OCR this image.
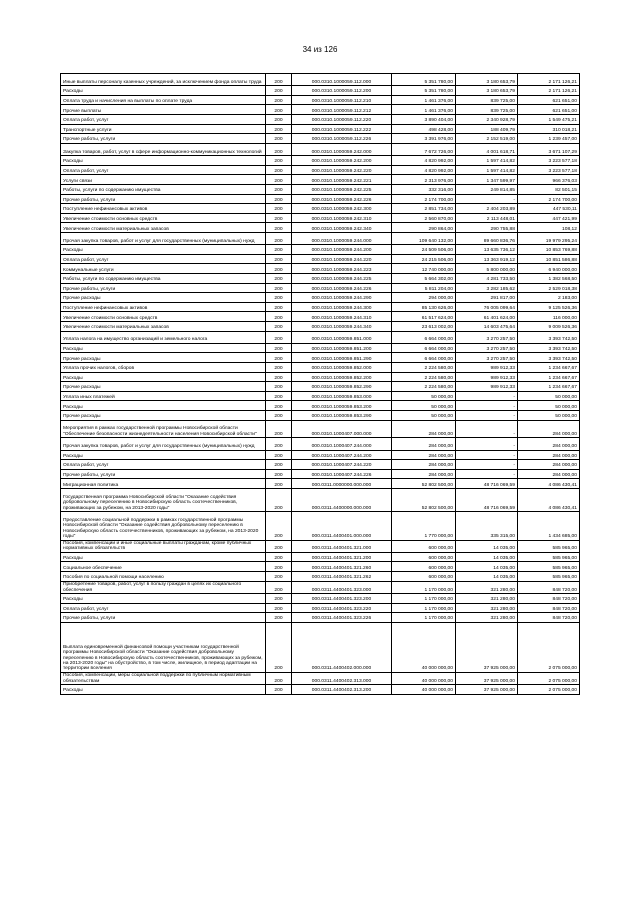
34 из 126
Иные выплаты персоналу казенных учреждений, за исключением фонда оплаты труда	200	000.0310.1000059.112.000	5 351 780,00	3 180 653,79	2 171 126,21
Расходы	200	000.0310.1000059.112.200	5 351 780,00	3 180 653,79	2 171 126,21
Оплата труда и начисления на выплаты по оплате труда	200	000.0310.1000059.112.210	1 461 376,00	839 725,00	621 651,00
Прочие выплаты	200	000.0310.1000059.112.212	1 461 376,00	839 725,00	621 651,00
Оплата работ, услуг	200	000.0310.1000059.112.220	3 890 404,00	2 340 928,79	1 549 475,21
Транспортные услуги	200	000.0310.1000059.112.222	498 428,00	188 409,79	310 018,21
Прочие работы, услуги	200	000.0310.1000059.112.226	3 391 976,00	2 152 519,00	1 239 457,00
Закупка товаров, работ, услуг в сфере информационно-коммуникационных технологий	200	000.0310.1000059.242.000	7 672 726,00	4 001 618,71	3 671 107,29
Расходы	200	000.0310.1000059.242.200	4 820 992,00	1 597 414,82	3 223 577,18
Оплата работ, услуг	200	000.0310.1000059.242.220	4 820 992,00	1 597 414,82	3 223 577,18
Услуги связи	200	000.0310.1000059.242.221	2 313 976,00	1 347 599,97	966 376,03
Работы, услуги по содержанию имущества	200	000.0310.1000059.242.225	332 316,00	249 814,85	82 501,15
Прочие работы, услуги	200	000.0310.1000059.242.226	2 174 700,00	-	2 174 700,00
Поступление нефинансовых активов	200	000.0310.1000059.242.300	2 851 734,00	2 404 203,89	447 530,11
Увеличение стоимости основных средств	200	000.0310.1000059.242.310	2 560 870,00	2 113 448,01	447 421,99
Увеличение стоимости материальных запасов	200	000.0310.1000059.242.340	290 864,00	290 755,88	108,12
Прочая закупка товаров, работ и услуг для государственных (муниципальных) нужд	200	000.0310.1000059.244.000	109 640 132,00	89 660 836,76	19 979 295,24
Расходы	200	000.0310.1000059.244.200	24 509 506,00	13 635 736,12	10 853 769,88
Оплата работ, услуг	200	000.0310.1000059.244.220	24 215 506,00	13 363 919,12	10 851 586,88
Коммунальные услуги	200	000.0310.1000059.244.223	12 740 000,00	5 800 000,00	6 940 000,00
Работы, услуги по содержанию имущества	200	000.0310.1000059.244.225	5 664 302,00	4 281 733,50	1 382 568,50
Прочие работы, услуги	200	000.0310.1000059.244.226	5 811 204,00	3 282 185,62	2 529 018,38
Прочие расходы	200	000.0310.1000059.244.290	294 000,00	291 817,00	2 183,00
Поступление нефинансовых активов	200	000.0310.1000059.244.300	85 130 626,00	76 005 099,64	9 125 526,36
Увеличение стоимости основных средств	200	000.0310.1000059.244.310	61 517 624,00	61 401 624,00	116 000,00
Увеличение стоимости материальных запасов	200	000.0310.1000059.244.340	23 613 002,00	14 603 475,64	9 009 526,36
Уплата налога на имущество организаций и земельного налога	200	000.0310.1000059.851.000	6 664 000,00	3 270 257,50	3 393 742,50
Расходы	200	000.0310.1000059.851.200	6 664 000,00	3 270 257,50	3 393 742,50
Прочие расходы	200	000.0310.1000059.851.290	6 664 000,00	3 270 257,50	3 393 742,50
Уплата прочих налогов, сборов	200	000.0310.1000059.852.000	2 224 580,00	989 912,33	1 234 667,67
Расходы	200	000.0310.1000059.852.200	2 224 580,00	989 912,33	1 234 667,67
Прочие расходы	200	000.0310.1000059.852.290	2 224 580,00	989 912,33	1 234 667,67
Уплата иных платежей	200	000.0310.1000059.853.000	50 000,00	-	50 000,00
Расходы	200	000.0310.1000059.853.200	50 000,00	-	50 000,00
Прочие расходы	200	000.0310.1000059.853.290	50 000,00	-	50 000,00
Мероприятия в рамках государственной программы Новосибирской области "Обеспечение безопасности жизнедеятельности населения Новосибирской области"	200	000.0310.1000407.000.000	284 000,00	-	284 000,00
Прочая закупка товаров, работ и услуг для государственных (муниципальных) нужд	200	000.0310.1000407.244.000	284 000,00	-	284 000,00
Расходы	200	000.0310.1000407.244.200	284 000,00	-	284 000,00
Оплата работ, услуг	200	000.0310.1000407.244.220	284 000,00	-	284 000,00
Прочие работы, услуги	200	000.0310.1000407.244.226	284 000,00	-	284 000,00
Миграционная политика	200	000.0311.0000000.000.000	52 802 500,00	48 716 069,59	4 086 430,41
Государственная программа Новосибирской области "Оказание содействия добровольному переселению в Новосибирскую область соотечественников, проживающих за рубежом, на 2013-2020 годы"	200	000.0311.4400000.000.000	52 802 500,00	48 716 069,59	4 086 430,41
Предоставление социальной поддержки в рамках государственной программы Новосибирской области "Оказание содействия добровольному переселению в Новосибирскую область соотечественников, проживающих за рубежом, на 2013-2020 годы"	200	000.0311.4400401.000.000	1 770 000,00	335 315,00	1 434 685,00
Пособия, компенсации и иные социальные выплаты гражданам, кроме публичных нормативных обязательств	200	000.0311.4400401.321.000	600 000,00	14 035,00	585 965,00
Расходы	200	000.0311.4400401.321.200	600 000,00	14 035,00	585 965,00
Социальное обеспечение	200	000.0311.4400401.321.260	600 000,00	14 035,00	585 965,00
Пособия по социальной помощи населению	200	000.0311.4400401.321.262	600 000,00	14 035,00	585 965,00
Приобретение товаров, работ, услуг в пользу граждан в целях их социального обеспечения	200	000.0311.4400401.323.000	1 170 000,00	321 280,00	848 720,00
Расходы	200	000.0311.4400401.323.200	1 170 000,00	321 280,00	848 720,00
Оплата работ, услуг	200	000.0311.4400401.323.220	1 170 000,00	321 280,00	848 720,00
Прочие работы, услуги	200	000.0311.4400401.323.226	1 170 000,00	321 280,00	848 720,00
Выплата единовременной финансовой помощи участникам государственной программы Новосибирской области "Оказание содействия добровольному переселению в Новосибирскую область соотечественников, проживающих за рубежом, на 2013-2020 годы" на обустройство, в том числе, жилищное, в период адаптации на территории вселения	200	000.0311.4400402.000.000	40 000 000,00	37 925 000,00	2 075 000,00
Пособия, компенсации, меры социальной поддержки по публичным нормативным обязательствам	200	000.0311.4400402.313.000	40 000 000,00	37 925 000,00	2 075 000,00
Расходы	200	000.0311.4400402.313.200	40 000 000,00	37 925 000,00	2 075 000,00
